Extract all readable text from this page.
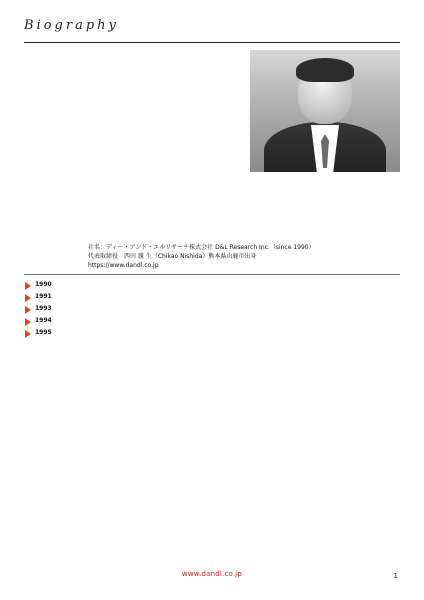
Biography

社名：ディー・アンド・エルリサーチ株式会社 D&L Research Inc.（since 1990）
代表取締役　西田 親 生（Chikao Nishida）熊本県山鹿市出身
https://www.dandl.co.jp

1990
1991
1993
1994
1995
www.dandl.co.jp	1
